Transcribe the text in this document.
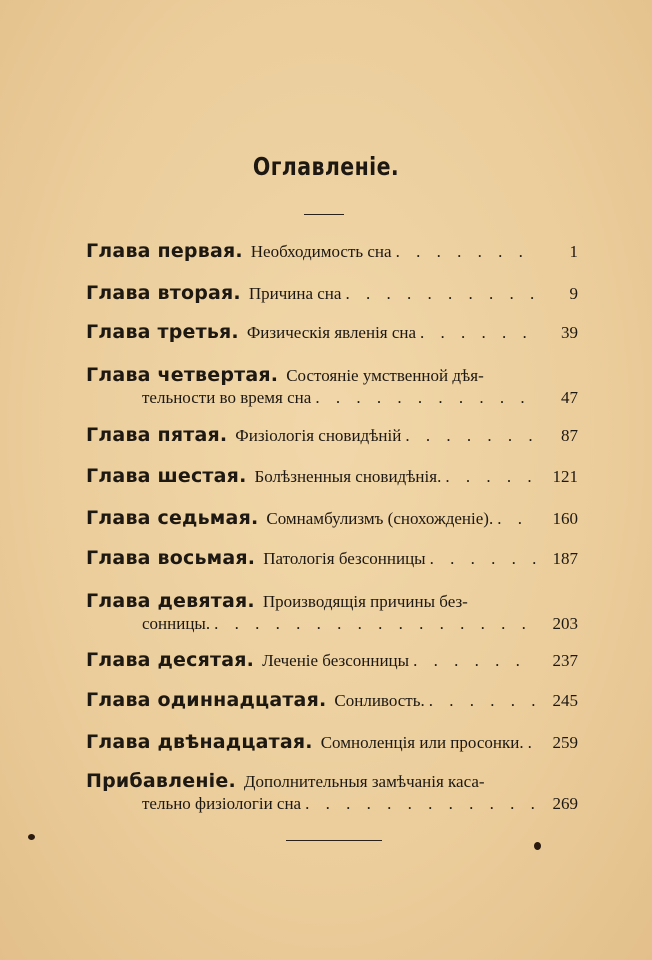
Оглавленіе.
Глава первая. Необходимость сна . . .	1
Глава вторая. Причина сна . . .	9
Глава третья. Физическія явленія сна . . .	39
Глава четвертая. Состояніе умственной дѣя-
тельности во время сна . . .	47
Глава пятая. Физіологія сновидѣній . . .	87
Глава шестая. Болѣзненныя сновидѣнія. . . .	121
Глава седьмая. Сомнамбулизмъ (снохожденіе). . . .	160
Глава восьмая. Патологія безсонницы . . .	187
Глава девятая. Производящія причины без-
сонницы. . . .	203
Глава десятая. Леченіе безсонницы . . .	237
Глава одиннадцатая. Сонливость. . . .	245
Глава двѣнадцатая. Сомноленція или просонки. . . .	259
Прибавленіе. Дополнительныя замѣчанія каса-
тельно физіологіи сна . . .	269
